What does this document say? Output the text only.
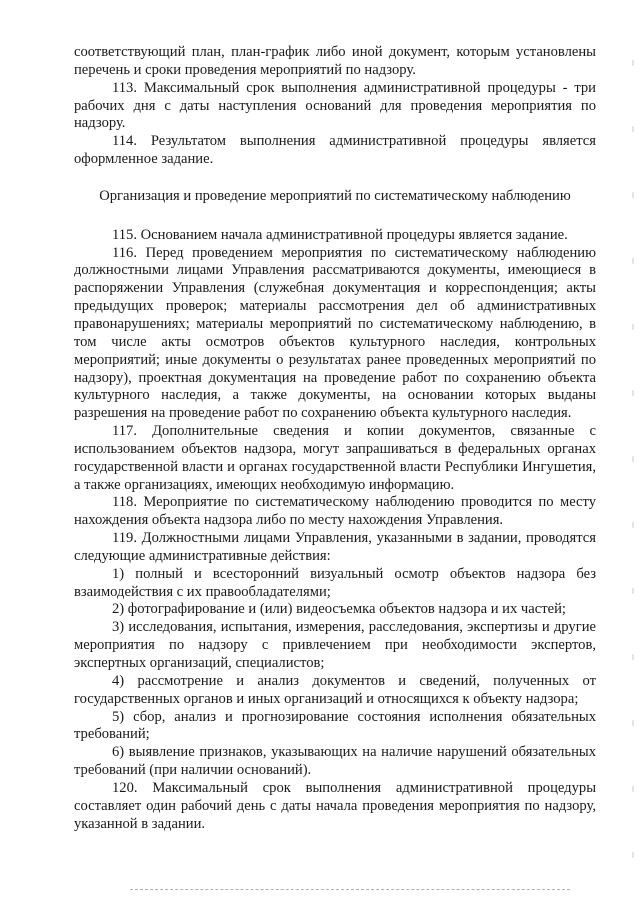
соответствующий план, план-график либо иной документ, которым установлены перечень и сроки проведения мероприятий по надзору.

113. Максимальный срок выполнения административной процедуры - три рабочих дня с даты наступления оснований для проведения мероприятия по надзору.

114. Результатом выполнения административной процедуры является оформленное задание.

Организация и проведение мероприятий по систематическому наблюдению

115. Основанием начала административной процедуры является задание.

116. Перед проведением мероприятия по систематическому наблюдению должностными лицами Управления рассматриваются документы, имеющиеся в распоряжении Управления (служебная документация и корреспонденция; акты предыдущих проверок; материалы рассмотрения дел об административных правонарушениях; материалы мероприятий по систематическому наблюдению, в том числе акты осмотров объектов культурного наследия, контрольных мероприятий; иные документы о результатах ранее проведенных мероприятий по надзору), проектная документация на проведение работ по сохранению объекта культурного наследия, а также документы, на основании которых выданы разрешения на проведение работ по сохранению объекта культурного наследия.

117. Дополнительные сведения и копии документов, связанные с использованием объектов надзора, могут запрашиваться в федеральных органах государственной власти и органах государственной власти Республики Ингушетия, а также организациях, имеющих необходимую информацию.

118. Мероприятие по систематическому наблюдению проводится по месту нахождения объекта надзора либо по месту нахождения Управления.

119. Должностными лицами Управления, указанными в задании, проводятся следующие административные действия:

1) полный и всесторонний визуальный осмотр объектов надзора без взаимодействия с их правообладателями;

2) фотографирование и (или) видеосъемка объектов надзора и их частей;

3) исследования, испытания, измерения, расследования, экспертизы и другие мероприятия по надзору с привлечением при необходимости экспертов, экспертных организаций, специалистов;

4) рассмотрение и анализ документов и сведений, полученных от государственных органов и иных организаций и относящихся к объекту надзора;

5) сбор, анализ и прогнозирование состояния исполнения обязательных требований;

6) выявление признаков, указывающих на наличие нарушений обязательных требований (при наличии оснований).

120. Максимальный срок выполнения административной процедуры составляет один рабочий день с даты начала проведения мероприятия по надзору, указанной в задании.
